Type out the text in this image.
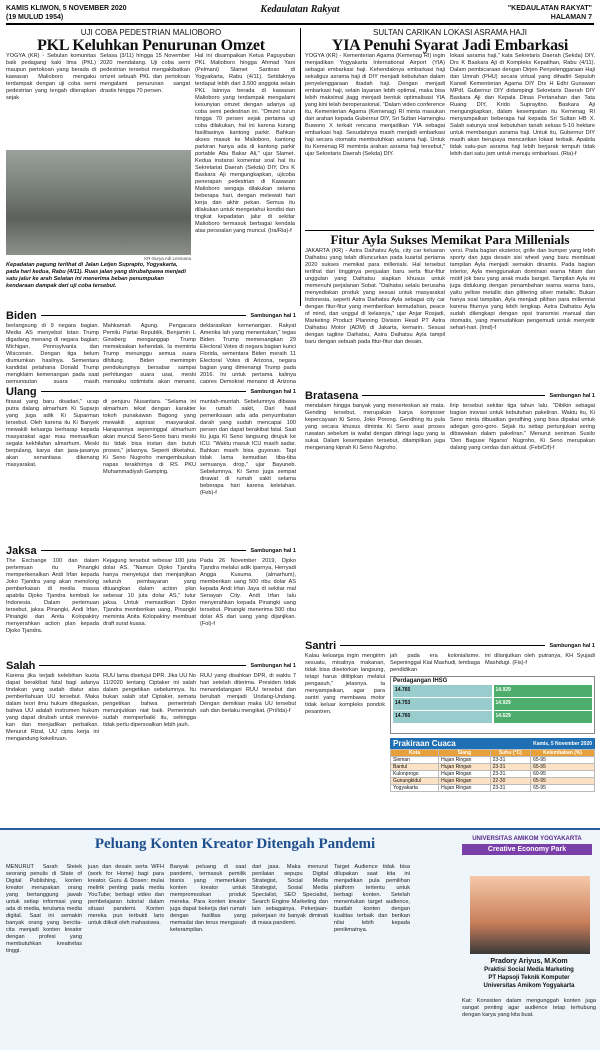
KAMIS KLIWON, 5 NOVEMBER 2020
(19 MULUD 1954)
Kedaulatan Rakyat	"KEDAULATAN RAKYAT"
HALAMAN 7
UJI COBA PEDESTRIAN MALIOBORO
PKL Keluhkan Penurunan Omzet
YOGYA (KR) - Sebulan komunitas baik pedagang kaki lima (PKL) maupun pertokoan yang berada di kawasan Malioboro mengaku terdampak dengan uji coba semi pedestrian yang tengah diterapkan sejak
Selasa (3/11) hingga 15 November 2020 mendatang. Uji coba semi pedestrian tersebut mengakibatkan omzet sebuah PKL dan pertokoan mengalami penurunan sangat drastis hingga 70 persen.
Hal ini disampaikan Ketua Paguyuban PKL Malioboro hingga Ahmad Yani (Pelmani) Slamet Santoso di Yogyakarta, Rabu (4/11). Setidaknya terdapat lebih dari 3.500 anggota selain PKL lainnya berada di kawasan Malioboro yang terdampak mengalami kesunyian omzet dengan adanya uji coba semi pedestrian ini. "Omzet turun hingga 70 persen sejak pertama uji coba dilakukan, hal ini karena kurang fasilitasinya kantong parkir. Bahkan akses masuk ke Malioboro, kantong parkiran hanya ada di kantong parkir portable Abu Bakar Ali," ujar Slamet. Kedua instansi komentar soal hal itu Sekretariat Daerah (Sekda) DIY, Drs K Baskara Aji mengungkapkan, ujicoba penerapan pedestrian di Kawasan Malioboro sengaja dilakukan selama beberapa hari, dengan melewati hari kerja dan akhir pekan. Semua itu dilakukan untuk mengetahui kondisi dan tingkat kepadatan jalur di sekitar Malioboro termasuk berbagai kendala atas persoalan yang muncul. (Ira/Ria)-f
KR-Surya Adi Lesmana
Kepadatan pagung terlihat di Jalan Letjen Suprapto, Yogyakarta, pada hari kedua, Rabu (4/11). Ruas jalan yang dirubahpawa menjadi satu jalur ke arah Selatan ini menerima beban penumpukan kendaraan dampak dari uji coba tersebut.
SULTAN CARIKAN LOKASI ASRAMA HAJI
YIA Penuhi Syarat Jadi Embarkasi
YOGYA (KR) - Kementerian Agama (Kemenag RI) ingin menjadikan Yogyakarta International Airport (YIA) sebagai embarkasi haji. Kehendaknya embarkasi haji sekaligus asrama haji di DIY menjadi kebutuhan dalam penyelenggaraan ibadah haji. Dengan menjadi embarkasi haji, selain layanan lebih optimal, maka bisa lebih maksimal jiagg menjadi bentuk optimalisasi YIA yang kini telah beroperasional. "Dalam video conference itu, Kementerian Agama (Kemenag) RI minta masukan dan arahan kepada Gubernur DIY, Sri Sultan Hamengku Buwono X terkait rencana menjadikan YIA sebagai embarkasi haji. Sesudahnya masih menjadi embarkasi haji secara otomatis membutuhkan asrama haji. Untuk itu Kemenag RI meminta arahan asrama haji tersebut," ujar Sekretaris Daerah (Sekda) DIY.
lokasi asrama haji," kata Sekretaris Daerah (Sekda) DIY, Drs K Baskara Aji di Kompleks Kepatihan, Rabu (4/11). Dalam pembicaraan dengan Dirjen Penyelenggaraan Haji dan Umrah (PHU) secara virtual yang dihadiri Sepuluh Kanwil Kementerian Agama DIY Drs H Edhi Gunawan MPdI. Gubernur DIY didampingi Sekretaris Daerah DIY Baskara Aji dan Kepala Dinas Pertanahan dan Tata Ruang DIY, Krido Suprayitno. Baskara Aji mengungkapkan, dalam kesempatan itu Kemenag RI menyampaikan beberapa hal kepada Sri Sultan HB X. Salah satunya soal kebutuhan tanah seluas 5-10 hektare untuk membangun asrama haji. Untuk itu, Gubernur DIY masih akan berupaya mencarikan lokasi terbaik. Apabila tidak satu-pun asrama haji lebih berjarak tempuh tidak lebih dari satu jam untuk menuju embarkasi. (Ria)-f
Fitur Ayla Sukses Memikat Para Millenials
JAKARTA (KR) - Astra Daihatsu Ayla, city car keluaran Daihatsu yang telah diluncurkan pada kuartal pertama 2020 sukses memikat para millenials. Hal tersebut terlihat dari tingginya penjualan baru serta fitur-fitur unggulan yang Daihatsu siapkan khusus untuk memenuhi perjalanan Sobat. "Daihatsu selalu berusaha menyediakan produk yang sesuai untuk masyarakat Indonesia, seperti Astra Daihatsu Ayla sebagai city car dengan fitur-fitur yang memberikan kemudahan, peace of mind, dan unggul di kelasnya," ujar Anjar Rosjadi, Marketing Product Planning Division Head PT Astra Daihatsu Motor (ADM) di Jakarta, kemarin. Sesuai dengan tagline Daihatsu, Astra Daihatsu Ayla tampil baru dengan sebuah pada fitur-fitur dan desain.
versi. Pada bagian eksterior, grille dan bumper yang lebih sporty dan juga desain sisi wheel yang baru membuat tampilan Ayla menjadi semakin dinamis. Pada bagian interior, Ayla menggunakan dominasi warna hitam dan motif jok baru yang anak muda banget. Tampilan Ayla ini juga didukung dengan penambahan warna warna baru, yaitu yellow metallic dan glittering silver metallic. Bukan hanya soal tampilan, Ayla menjadi pilihan para millennial karena fiturnya yang lebih lengkap. Astra Daihatsu Ayla sudah dilengkapi dengan opsi transmisi manual dan otomatis, yang memudahkan pengemudi untuk menyetir sehari-hari. (Imd)-f
Biden	Sambungan hal 1
berlangsung di 9 negara bagian. Media AS menyebut Istan Trump digadang menang di negara bagian; Michigan, Pennsylvania dan Wisconsin. Dengan tiga belum diumumkan hasilnya. Sementara kandidat petahana Donald Trump mengklaim kemenangan pada saat pemungutan suara masih
Mahkamah Agung. Pengacara Pemilu Partai Republik, Benjamin L Ginsberg menganggap Trump memaksakan kehendak. Ia meminta Trump menunggu semua suara dihitung. Biden memimpin pendukungnya bersabar sampai perhitungan suara usai, meski mengaku optimistis akan menang.
deklarasikan kemenangan. Rakyat Amerika lah yang menentukan," tegas Biden. Trump memenangkan 29 Electoral Votes di negara bagian kunci Florida, sementara Biden meraih 11 Electoral Votes di Arizona, negara bagian yang dimenangi Trump pada 2016. Ini untuk pertama kalinya capres Demokrat menang di Arizona
Ulang	Sambungan hal 1
firasat yang baru disadari," ucap putra dalang almarhum Ki Suparjo yang juga adik Ki Suparman tersebut. Oleh karena itu Ki Banyek mewakili keluarga berharap kepada masyarakat agar mau memaafkan segala kekhilafan almarhum. Meski berpulang, karya dan jasa-jasanya akan senantiasa dikenang masyarakat.
di penjuru Nusantara. "Selama ini almarhum tekat dengan karakter tokoh punakawan Bagong yang mewakili aspirasi masyarakat. Harapannya sepeninggal almarhum akan muncul Seno-Seno baru meski itu tidak bisa instan dan butuh proses," jelasnya. Seperti diketahui, Ki Seno Nugroho mengembuskan napas terakhirnya di RS PKU Muhammadiyah Gamping.
muntah-muntah. Sebelumnya dibawa ke rumah sakit, Dari hasil pemeriksaan ada ada penyumbatan darah yang sudah mencapai 100 persen dan dapat berakibat fatal. Saat itu juga Ki Seno langsung dirujuk ke ICU. "Waktu masuk ICU masih sadar. Bahkan masih bisa guyonan. Tapi tidak lama kemudian tiba-tiba semuanya drop," ujar Bayuneb. Sebelumnya, Ki Seno juga sempat dirawat di rumah sakit selama beberapa hari karena kelelahan. (Feb)-f
Bratasena	Sambungan hal 1
mendalam hingga banyak yang menerteskan air mata. Gending tersebut, merupakan karya komposer kepercayaan Ki Seno, Joko Porong. Gendhing itu pula yang secara khusus diminta Ki Seno saat proses ruwatan sebelum ia wafat dengan diiringi lagu yang ia sukai. Dalam kesempatan tersebut, ditampilkan juga mengenang kiprah Ki Seno Nugroho.
lirip tersebut sekitar tiga tahun lalu. "Dibikin sebagai bagian inovasi untuk kebutuhan pakeliran. Waktu itu, Ki Seno minta dibuatkan gendhing yang bisa dipakai untuk adegan goro-goro. Sejak itu setiap pertunjukan sering dibawakan dalam pakeliran." Menurut seniman Susilo 'Den Baguse Ngarso' Nugroho, Ki Seno merupakan dalang yang cerdas dan aktual. (Feb/Cif)-f
Jaksa	Sambungan hal 1
The Exchange 100 dan dalam pertemuan itu Pinangki memperkenalkan Andi Irfan kepada Joko Tjandra yang akan menolong pemberkasan di media massa apabila Djoko Tjandra kembali ke Indonesia. Dalam pertemuan tersebut, jaksa Pinangki, Andi Irfan, Pinangki dan Anita Kolopakiny menyerahkan action plan kepada Djoko Tjandra.
Kejagung tersebut sebesar 100 juta dolar AS. "Namun Djoko Tjandra hanya menyetujui dan menjanjikan seluruh pembayaran yang dituangkan dalam action plan sebesar 10 juta dolar AS," tutur jaksa. Untuk memastikan Djoko Tjandra memberikan uang, Pinangki meminta Anita Kolopakiny membuat draft surat kuasa.
Pada 26 November 2019, Djoko Tjandra melalui adik iparnya, Herryadi Angga Kusuma (almarhum), memberikan uang 500 ribu dolar AS kepada Andi Irfan Jaya di sekitar mal Senayan City. Andi Irfan lalu menyerahkan kepada Pinangki uang tersebut. Pinangki menerima 500 ribu dolar AS dari uang yang dijanjikan. (Fol)-f
Santri	Sambungan hal 1
Kalau keluarga ingin mengirim sesuatu, misalnya makanan, tidak bisa disetorkan langsung, tetapi harus dititipkan melalui pengasuh," jelasnya. Ia menyampaikan, agar para santri yang membawa motor tidak keluar kompleks pondok pesantren.
jah pada era kolonialisme. Sepeninggal Kiai Mashudi, lembaga pendidikan
ini dilanjutkan oleh putranya, KH Syujadi Mashdugi. (Fis)-f
Perdagangan IHSG
14.765	14.929
14.753	14.929
14.760	14.629
Prakiraan Cuaca	Kamis, 5 November 2020
Kota	Siang	Suhu (°C)	Kelembaban (%)
Sleman	Hujan Ringan	23-31	65-95
Bantul	Hujan Ringan	23-31	65-95
Kulonprogo	Hujan Ringan	23-31	60-95
Gunungkidul	Hujan Ringan	22-30	65-95
Yogyakarta	Hujan Ringan	23-31	65-95
Salah	Sambungan hal 1
Karena jika terjadi kelebihan kuota dapat berakibat fatal bagi adanya tindakan yang sudah diatur atas pemberitahuan UU tersebut. Maka dalam teori ilmu hukum ditegaskan, bahwa UU adalah instrumen hukum yang dapat dirubah untuk merevisi-kan dan menjadikan perbaikan. Menurut Rizal, UU cipta kerja ini mengandung kekeliruan.
RUU lama disetujui DPR. Jika UU No 11/2020 tentang Ciptaker ini salah dalam pengetikan sebelumnya. Itu bukan salah staf Ciptaker, semata pengetikan bahwa pemerintah menunjukkan niat baik. Pemerintah sudah memperbaiki itu, sehingga tidak perlu dipersoalkan lebih jauh.
RUU yang disahkan DPR, di waktu 7 hari setelah diterima. Presiden tidak menandatangani RUU tersebut dan berubah menjadi Undang-Undang. Dengan demikian maka UU tersebut sah dan berlaku mengikat. (Pri/Ida)-f
Peluang Konten Kreator Ditengah Pandemi	UNIVERSITAS AMIKOM YOGYAKARTA
Creative Economy Park
MENURUT Sarah Steiek seorang penulis di State of Digital Publishing, konten kreator merupakan orang yang bertanggung jawab untuk setiap informasi yang ada di media, terutama media digital. Saat ini semakin banyak orang yang bercita-cita menjadi konten kreator dengan profesi yang membutuhkan kreativitas tinggi.
juan dan desain serta WFH (work for Home) bagi para kreator. Guru & Dosen: mulai melirik penting pada media YouTube; berbagi video dan pembelajaran tutorial dalam situasi pandemi. Konten mereka pun terbukti laris untuk diikuti oleh mahasiswa.
Banyak peluang di saat pandemi, termasuk pemilik bisnis yang memerlukan konten kreator untuk mempromosikan produk mereka. Para konten kreator juga dapat bekerja dari rumah dengan fasilitas yang memadai dan terus mengasah keterampilan.
dari jasa. Maka menurut penilaian sepupu Digital Strategist, Social Media Strategist, Sosial Media Specialist, SEO Specialist, Search Engine Marketing dan lain sebagainya. Pekerjaan-pekerjaan ini banyak diminati di masa pandemi.
Target Audience tidak bisa dilupakan saat kita ini menjadikan pula pemilihan platform tertentu untuk berbagi konten. Setelah menentukan target audience, buatlah konten dengan kualitas terbaik dan berikan nilai lebih kepada penikmatnya.
Pradory Ariyus, M.Kom
Praktisi Social Media Marketing
PT Hapsoji Teknik Komputer
Universitas Amikom Yogyakarta
Kat: Konsisten dalam mengunggah konten juga sangat penting agar audience tetap terhubung dengan karya yang kita buat.
